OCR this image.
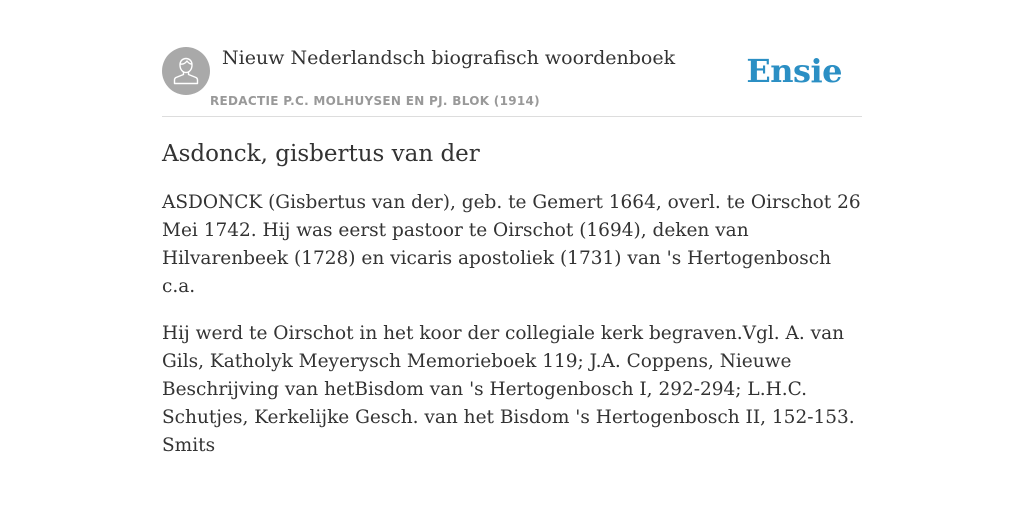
Nieuw Nederlandsch biografisch woordenboek
REDACTIE P.C. MOLHUYSEN EN PJ. BLOK (1914)
Ensie
Asdonck, gisbertus van der

ASDONCK (Gisbertus van der), geb. te Gemert 1664, overl. te Oirschot 26 Mei 1742. Hij was eerst pastoor te Oirschot (1694), deken van Hilvarenbeek (1728) en vicaris apostoliek (1731) van 's Hertogenbosch c.a.

Hij werd te Oirschot in het koor der collegiale kerk begraven.Vgl. A. van Gils, Katholyk Meyerysch Memorieboek 119; J.A. Coppens, Nieuwe Beschrijving van hetBisdom van 's Hertogenbosch I, 292-294; L.H.C. Schutjes, Kerkelijke Gesch. van het Bisdom 's Hertogenbosch II, 152-153. Smits
